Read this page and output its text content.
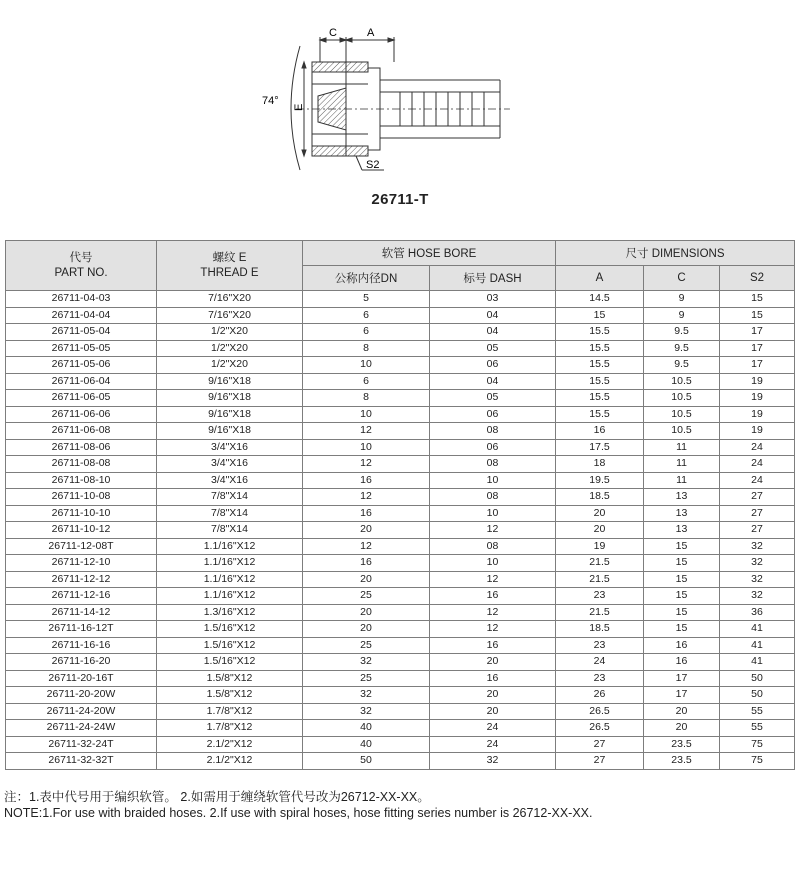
C	A
E
74°
S2
26711-T
代号
PART NO.	螺纹 E
THREAD E	软管 HOSE BORE		尺寸 DIMENSIONS		
		公称内径DN	标号 DASH	A	C	S2
26711-04-03	7/16"X20	5	03	14.5	9	15
26711-04-04	7/16"X20	6	04	15	9	15
26711-05-04	1/2"X20	6	04	15.5	9.5	17
26711-05-05	1/2"X20	8	05	15.5	9.5	17
26711-05-06	1/2"X20	10	06	15.5	9.5	17
26711-06-04	9/16"X18	6	04	15.5	10.5	19
26711-06-05	9/16"X18	8	05	15.5	10.5	19
26711-06-06	9/16"X18	10	06	15.5	10.5	19
26711-06-08	9/16"X18	12	08	16	10.5	19
26711-08-06	3/4"X16	10	06	17.5	11	24
26711-08-08	3/4"X16	12	08	18	11	24
26711-08-10	3/4"X16	16	10	19.5	11	24
26711-10-08	7/8"X14	12	08	18.5	13	27
26711-10-10	7/8"X14	16	10	20	13	27
26711-10-12	7/8"X14	20	12	20	13	27
26711-12-08T	1.1/16"X12	12	08	19	15	32
26711-12-10	1.1/16"X12	16	10	21.5	15	32
26711-12-12	1.1/16"X12	20	12	21.5	15	32
26711-12-16	1.1/16"X12	25	16	23	15	32
26711-14-12	1.3/16"X12	20	12	21.5	15	36
26711-16-12T	1.5/16"X12	20	12	18.5	15	41
26711-16-16	1.5/16"X12	25	16	23	16	41
26711-16-20	1.5/16"X12	32	20	24	16	41
26711-20-16T	1.5/8"X12	25	16	23	17	50
26711-20-20W	1.5/8"X12	32	20	26	17	50
26711-24-20W	1.7/8"X12	32	20	26.5	20	55
26711-24-24W	1.7/8"X12	40	24	26.5	20	55
26711-32-24T	2.1/2"X12	40	24	27	23.5	75
26711-32-32T	2.1/2"X12	50	32	27	23.5	75
注：1.表中代号用于编织软管。 2.如需用于缠绕软管代号改为26712-XX-XX。
NOTE:1.For use with braided hoses. 2.If use with spiral hoses, hose fitting series number is 26712-XX-XX.
